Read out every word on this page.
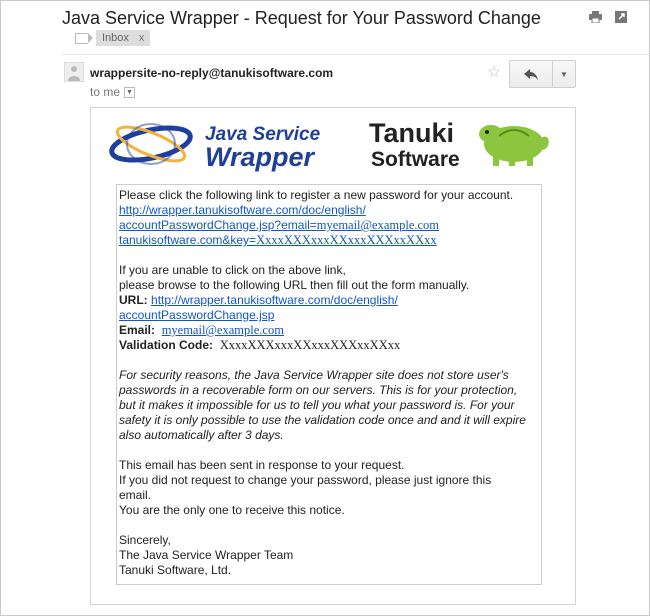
Java Service Wrapper - Request for Your Password Change
Inbox x
wrappersite-no-reply@tanukisoftware.com
to me ▼
☆	▼
Java Service
Wrapper
Tanuki
Software

Please click the following link to register a new password for your account.

http://wrapper.tanukisoftware.com/doc/english/

accountPasswordChange.jsp?email=myemail@example.com

tanukisoftware.com&key=XxxxXXXxxxXXxxxXXXxxXXxx

If you are unable to click on the above link,

please browse to the following URL then fill out the form manually.

URL: http://wrapper.tanukisoftware.com/doc/english/

accountPasswordChange.jsp

Email: myemail@example.com

Validation Code: XxxxXXXxxxXXxxxXXXxxXXxx

For security reasons, the Java Service Wrapper site does not store user's

passwords in a recoverable form on our servers. This is for your protection,

but it makes it impossible for us to tell you what your password is. For your

safety it is only possible to use the validation code once and and it will expire

also automatically after 3 days.

This email has been sent in response to your request.

If you did not request to change your password, please just ignore this

email.

You are the only one to receive this notice.

Sincerely,

The Java Service Wrapper Team

Tanuki Software, Ltd.
